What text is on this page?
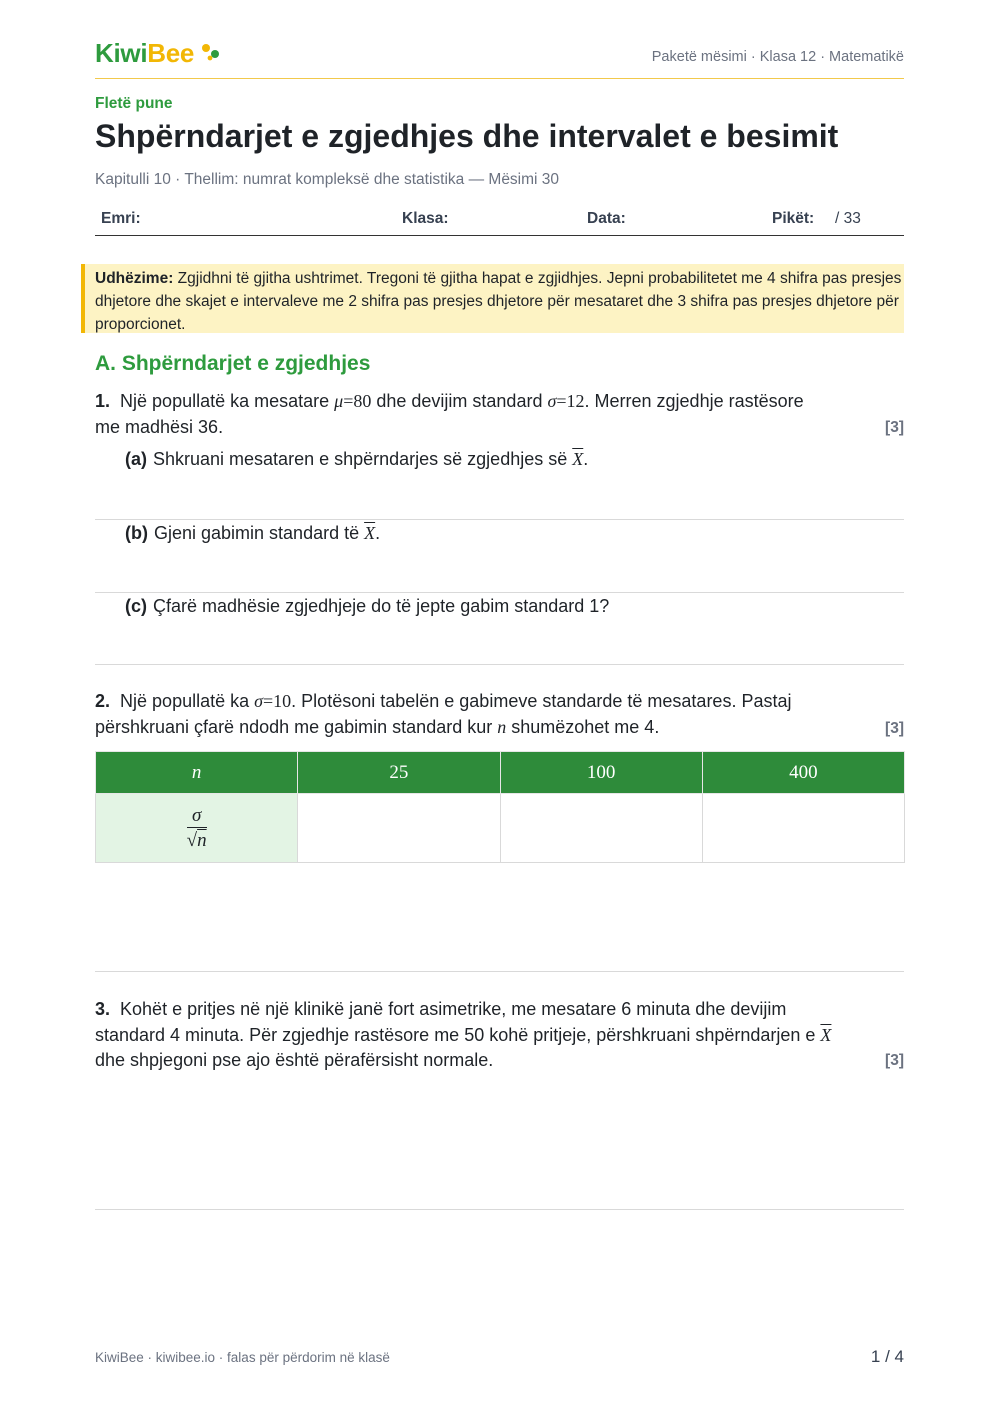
KiwiBee	Paketë mësimi · Klasa 12 · Matematikë
Fletë pune
Shpërndarjet e zgjedhjes dhe intervalet e besimit
Kapitulli 10 · Thellim: numrat kompleksë dhe statistika — Mësimi 30
Emri:	Klasa:	Data:	Pikët: / 33
Udhëzime: Zgjidhni të gjitha ushtrimet. Tregoni të gjitha hapat e zgjidhjes. Jepni probabilitetet me 4 shifra pas presjes dhjetore dhe skajet e intervaleve me 2 shifra pas presjes dhjetore për mesataret dhe 3 shifra pas presjes dhjetore për proporcionet.
A. Shpërndarjet e zgjedhjes
1. Një popullatë ka mesatare μ=80 dhe devijim standard σ=12. Merren zgjedhje rastësore
me madhësi 36.	[3]
(a) Shkruani mesataren e shpërndarjes së zgjedhjes së $\overline{X}$.
(b) Gjeni gabimin standard të $\overline{X}$.
(c) Çfarë madhësie zgjedhjeje do të jepte gabim standard 1?
2. Një popullatë ka σ=10. Plotësoni tabelën e gabimeve standarde të mesatares. Pastaj
përshkruani çfarë ndodh me gabimin standard kur n shumëzohet me 4.	[3]
n	25	100	400

$\frac{\sigma}{√n}$

3. Kohët e pritjes në një klinikë janë fort asimetrike, me mesatare 6 minuta dhe devijim
standard 4 minuta. Për zgjedhje rastësore me 50 kohë pritjeje, përshkruani shpërndarjen e $\overline{X}$
dhe shpjegoni pse ajo është përafërsisht normale.	[3]
KiwiBee · kiwibee.io · falas për përdorim në klasë	1 / 4
